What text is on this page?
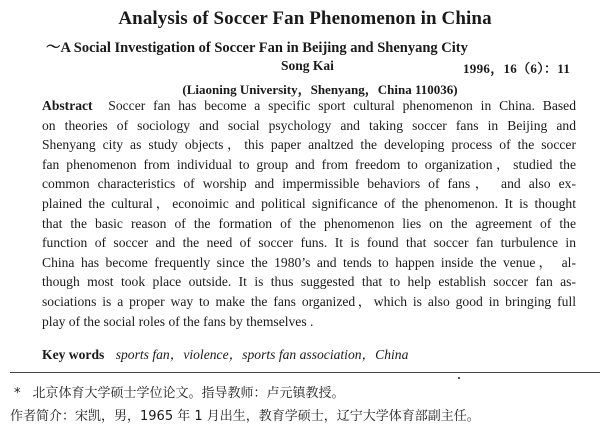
Analysis of Soccer Fan Phenomenon in China
～A Social Investigation of Soccer Fan in Beijing and Shenyang City
Song Kai	1996，16（6）：11
(Liaoning University，Shenyang，China 110036)
Abstract Soccer fan has become a specific sport cultural phenomenon in China. Based
on theories of sociology and social psychology and taking soccer fans in Beijing and
Shenyang city as study objects，this paper analtzed the developing process of the soccer
fan phenomenon from individual to group and from freedom to organization，studied the
common characteristics of worship and impermissible behaviors of fans， and also ex-
plained the cultural，econoimic and political significance of the phenomenon. It is thought
that the basic reason of the formation of the phenomenon lies on the agreement of the
function of soccer and the need of soccer funs. It is found that soccer fan turbulence in
China has become frequently since the 1980’s and tends to happen inside the venue， al-
though most took place outside. It is thus suggested that to help establish soccer fan as-
sociations is a proper way to make the fans organized，which is also good in bringing full
play of the social roles of the fans by themselves .
Key words sports fan，violence，sports fan association，China
* 北京体育大学硕士学位论文。指导教师：卢元镇教授。
作者简介：宋凯，男，1965 年 1 月出生，教育学硕士，辽宁大学体育部副主任。
